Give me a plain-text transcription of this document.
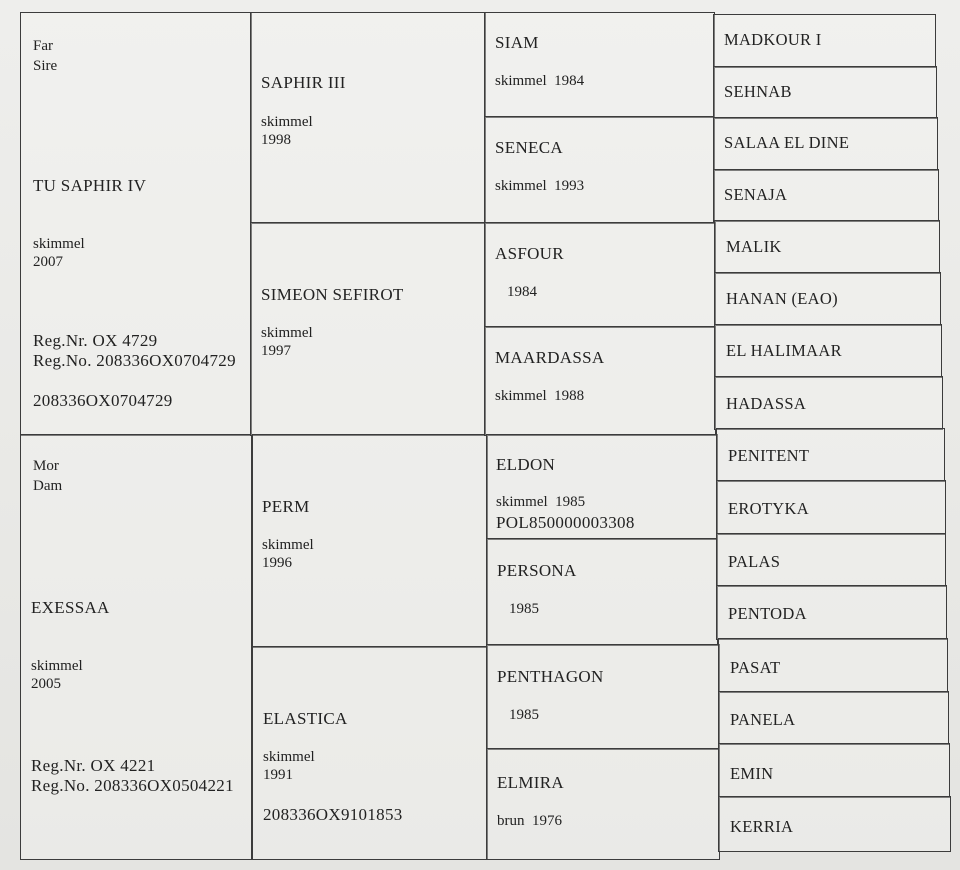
Far
Sire
TU SAPHIR IV
skimmel
2007
Reg.Nr. OX 4729
Reg.No. 208336OX0704729
208336OX0704729
Mor
Dam
EXESSAA
skimmel
2005
Reg.Nr. OX 4221
Reg.No. 208336OX0504221
SAPHIR III
skimmel
1998
SIMEON SEFIROT
skimmel
1997
PERM
skimmel
1996
ELASTICA
skimmel
1991
208336OX9101853
SIAM
skimmel  1984
SENECA
skimmel  1993
ASFOUR
1984
MAARDASSA
skimmel  1988
ELDON
skimmel  1985
POL850000003308
PERSONA
1985
PENTHAGON
1985
ELMIRA
brun  1976
MADKOUR I
SEHNAB
SALAA EL DINE
SENAJA
MALIK
HANAN (EAO)
EL HALIMAAR
HADASSA
PENITENT
EROTYKA
PALAS
PENTODA
PASAT
PANELA
EMIN
KERRIA
